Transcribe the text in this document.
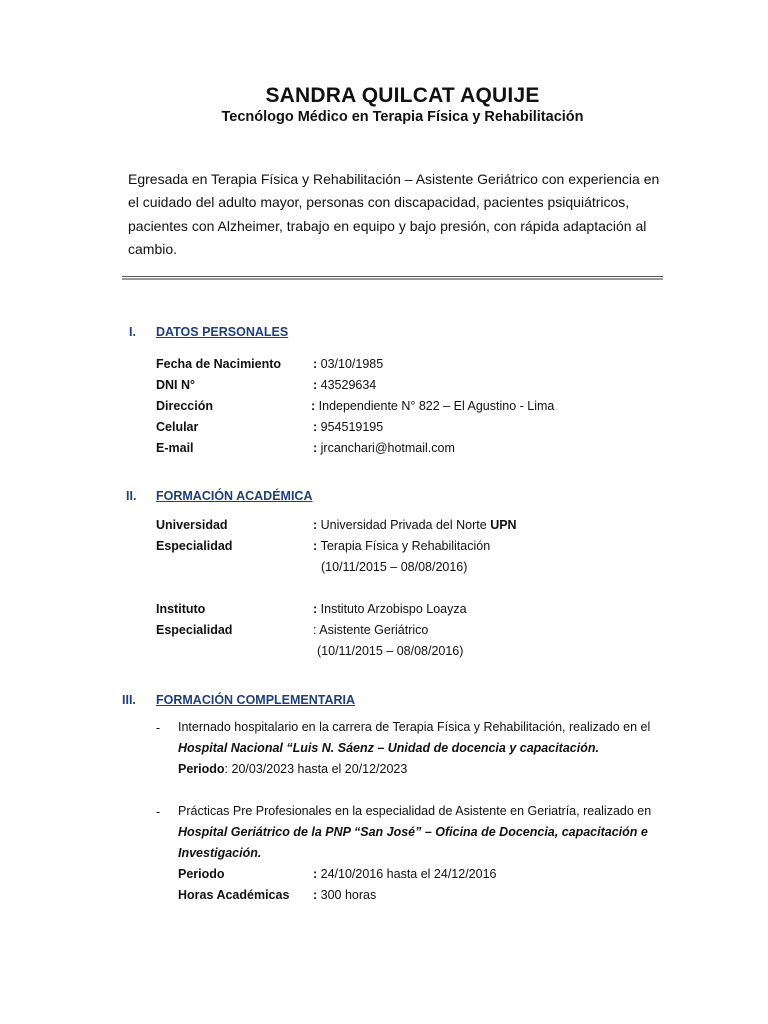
SANDRA QUILCAT AQUIJE
Tecnólogo Médico en Terapia Física y Rehabilitación
Egresada en Terapia Física y Rehabilitación – Asistente Geriátrico con experiencia en el cuidado del adulto mayor, personas con discapacidad, pacientes psiquiátricos, pacientes con Alzheimer, trabajo en equipo y bajo presión, con rápida adaptación al cambio.
I. DATOS PERSONALES
Fecha de Nacimiento	: 03/10/1985
DNI N°	: 43529634
Dirección	: Independiente N° 822 – El Agustino - Lima
Celular	: 954519195
E-mail	: jrcanchari@hotmail.com
II. FORMACIÓN ACADÉMICA
Universidad	: Universidad Privada del Norte UPN
Especialidad	: Terapia Física y Rehabilitación
(10/11/2015 – 08/08/2016)
Instituto	: Instituto Arzobispo Loayza
Especialidad	: Asistente Geriátrico
(10/11/2015 – 08/08/2016)
III. FORMACIÓN COMPLEMENTARIA
- Internado hospitalario en la carrera de Terapia Física y Rehabilitación, realizado en el
Hospital Nacional “Luis N. Sáenz – Unidad de docencia y capacitación.
Periodo: 20/03/2023 hasta el 20/12/2023
- Prácticas Pre Profesionales en la especialidad de Asistente en Geriatría, realizado en
Hospital Geriátrico de la PNP “San José” – Oficina de Docencia, capacitación e
Investigación.
Periodo	: 24/10/2016 hasta el 24/12/2016
Horas Académicas : 300 horas
